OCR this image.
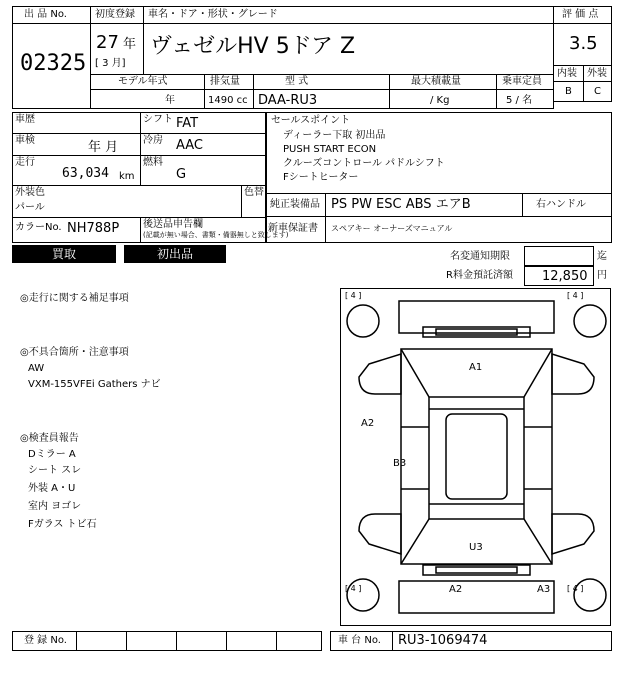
出 品 No.
02325
初度登録 車名・ドア・形状・グレード
27 年
[ 3 月]
ヴェゼルHV 5ドア Z
評 価 点
3.5
内装 外装
B C
モデル年式
年
排気量
1490 cc
型 式
DAA-RU3
最大積載量
/ Kg
乗車定員
5 / 名
車歴	シフト FAT
車検	年 月 冷房 AAC
走行
63,034 km
燃料
G
外装色
パール
色替
カラーNo. NH788P 後送品申告欄
(記載が無い場合、書類・備器無しと致します)
セールスポイント
ディーラー下取 初出品
PUSH START ECON
クルーズコントロール パドルシフト
Fシートヒーター
純正装備品 PS PW ESC ABS エアB	右ハンドル
新車保証書 スペアキー オーナーズマニュアル
買取	初出品	名変通知期限	迄
R料金預託済額 12,850 円
◎走行に関する補足事項
◎不具合箇所・注意事項
AW
VXM-155VFEi Gathers ナビ
◎検査員報告
Dミラー A
シート スレ
外装 A・U
室内 ヨゴレ
Fガラス トビ石
[ 4 ]	[ 4 ]
[ 4 ]	[ 4 ]
A1
A2
B3
U3
A2	A3
登 録 No.	車 台 No. RU3-1069474
